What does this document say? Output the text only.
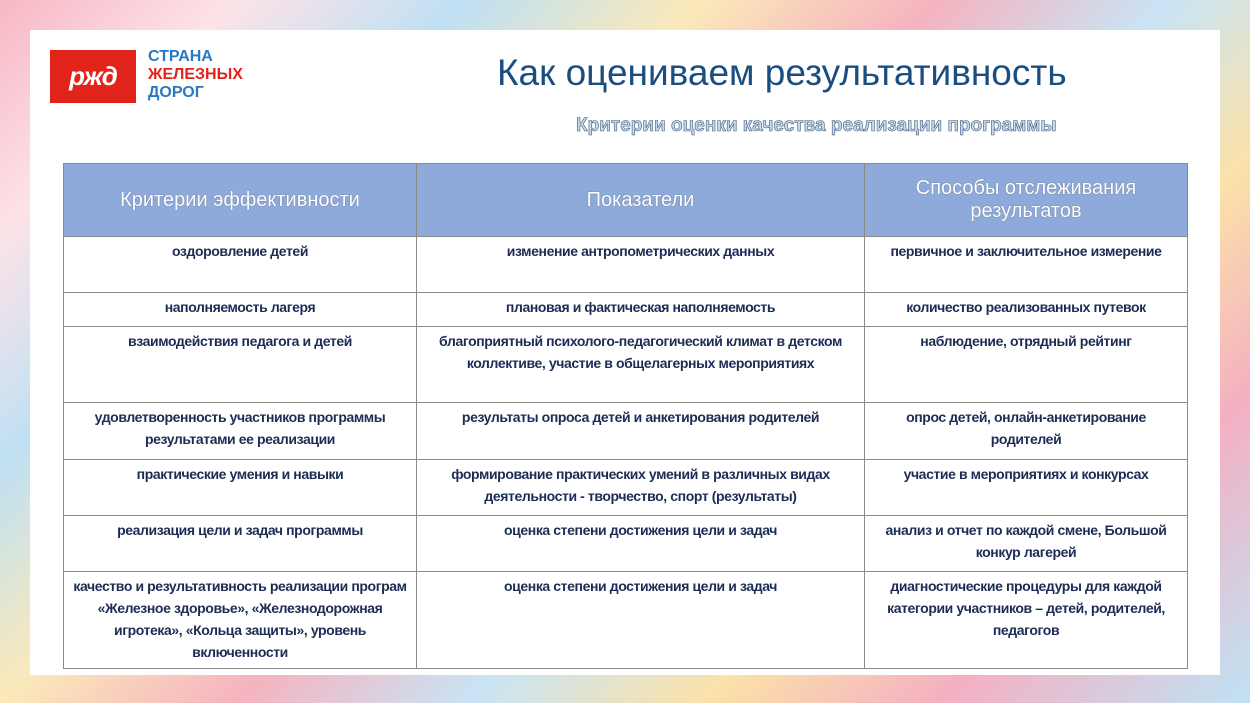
ржд
СТРАНА
ЖЕЛЕЗНЫХ
ДОРОГ	Как оцениваем результативность
Критерии оценки качества реализации программы
Критерии эффективности	Показатели	Способы отслеживания результатов
оздоровление детей	изменение антропометрических данных	первичное и заключительное измерение
наполняемость лагеря	плановая и фактическая наполняемость	количество реализованных путевок
взаимодействия педагога и детей	благоприятный психолого-педагогический климат в детском коллективе, участие в общелагерных мероприятиях	наблюдение, отрядный рейтинг
удовлетворенность участников программы результатами ее реализации	результаты опроса детей и анкетирования родителей	опрос детей, онлайн-анкетирование родителей
практические умения и навыки	формирование практических умений в различных видах деятельности - творчество, спорт (результаты)	участие в мероприятиях и конкурсах
реализация цели и задач программы	оценка степени достижения цели и задач	анализ и отчет по каждой смене, Большой конкур лагерей
качество и результативность реализации програм «Железное здоровье», «Железнодорожная игротека», «Кольца защиты», уровень включенности	оценка степени достижения цели и задач	диагностические процедуры для каждой категории участников – детей, родителей, педагогов
